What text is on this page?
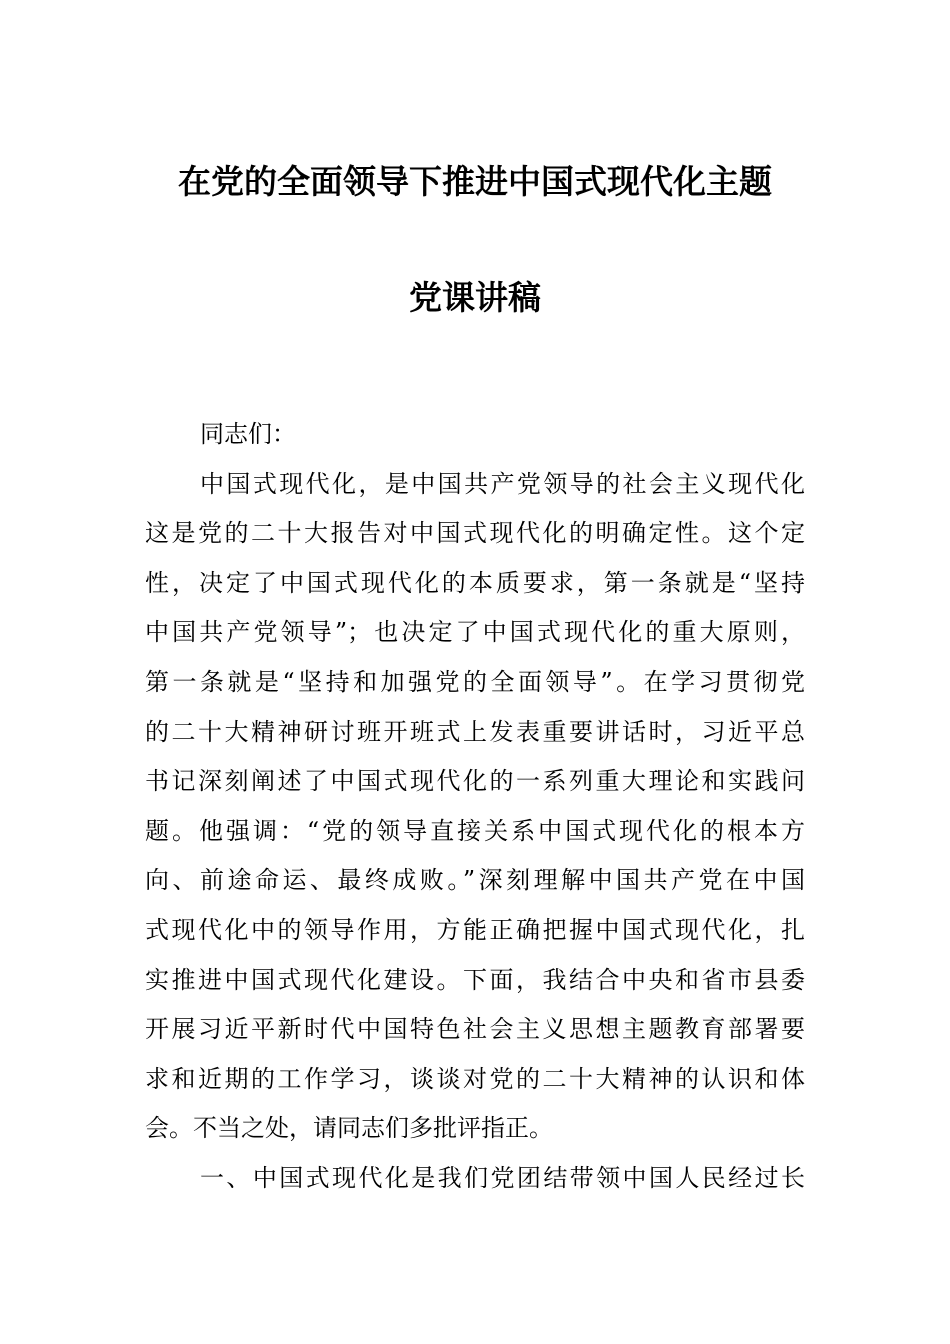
在党的全面领导下推进中国式现代化主题
党课讲稿
同志们：
中国式现代化，是中国共产党领导的社会主义现代化
这是党的二十大报告对中国式现代化的明确定性。这个定
性，决定了中国式现代化的本质要求，第一条就是“坚持
中国共产党领导”；也决定了中国式现代化的重大原则，
第一条就是“坚持和加强党的全面领导”。在学习贯彻党
的二十大精神研讨班开班式上发表重要讲话时，习近平总
书记深刻阐述了中国式现代化的一系列重大理论和实践问
题。他强调：“党的领导直接关系中国式现代化的根本方
向、前途命运、最终成败。”深刻理解中国共产党在中国
式现代化中的领导作用，方能正确把握中国式现代化，扎
实推进中国式现代化建设。下面，我结合中央和省市县委
开展习近平新时代中国特色社会主义思想主题教育部署要
求和近期的工作学习，谈谈对党的二十大精神的认识和体
会。不当之处，请同志们多批评指正。
一、中国式现代化是我们党团结带领中国人民经过长
